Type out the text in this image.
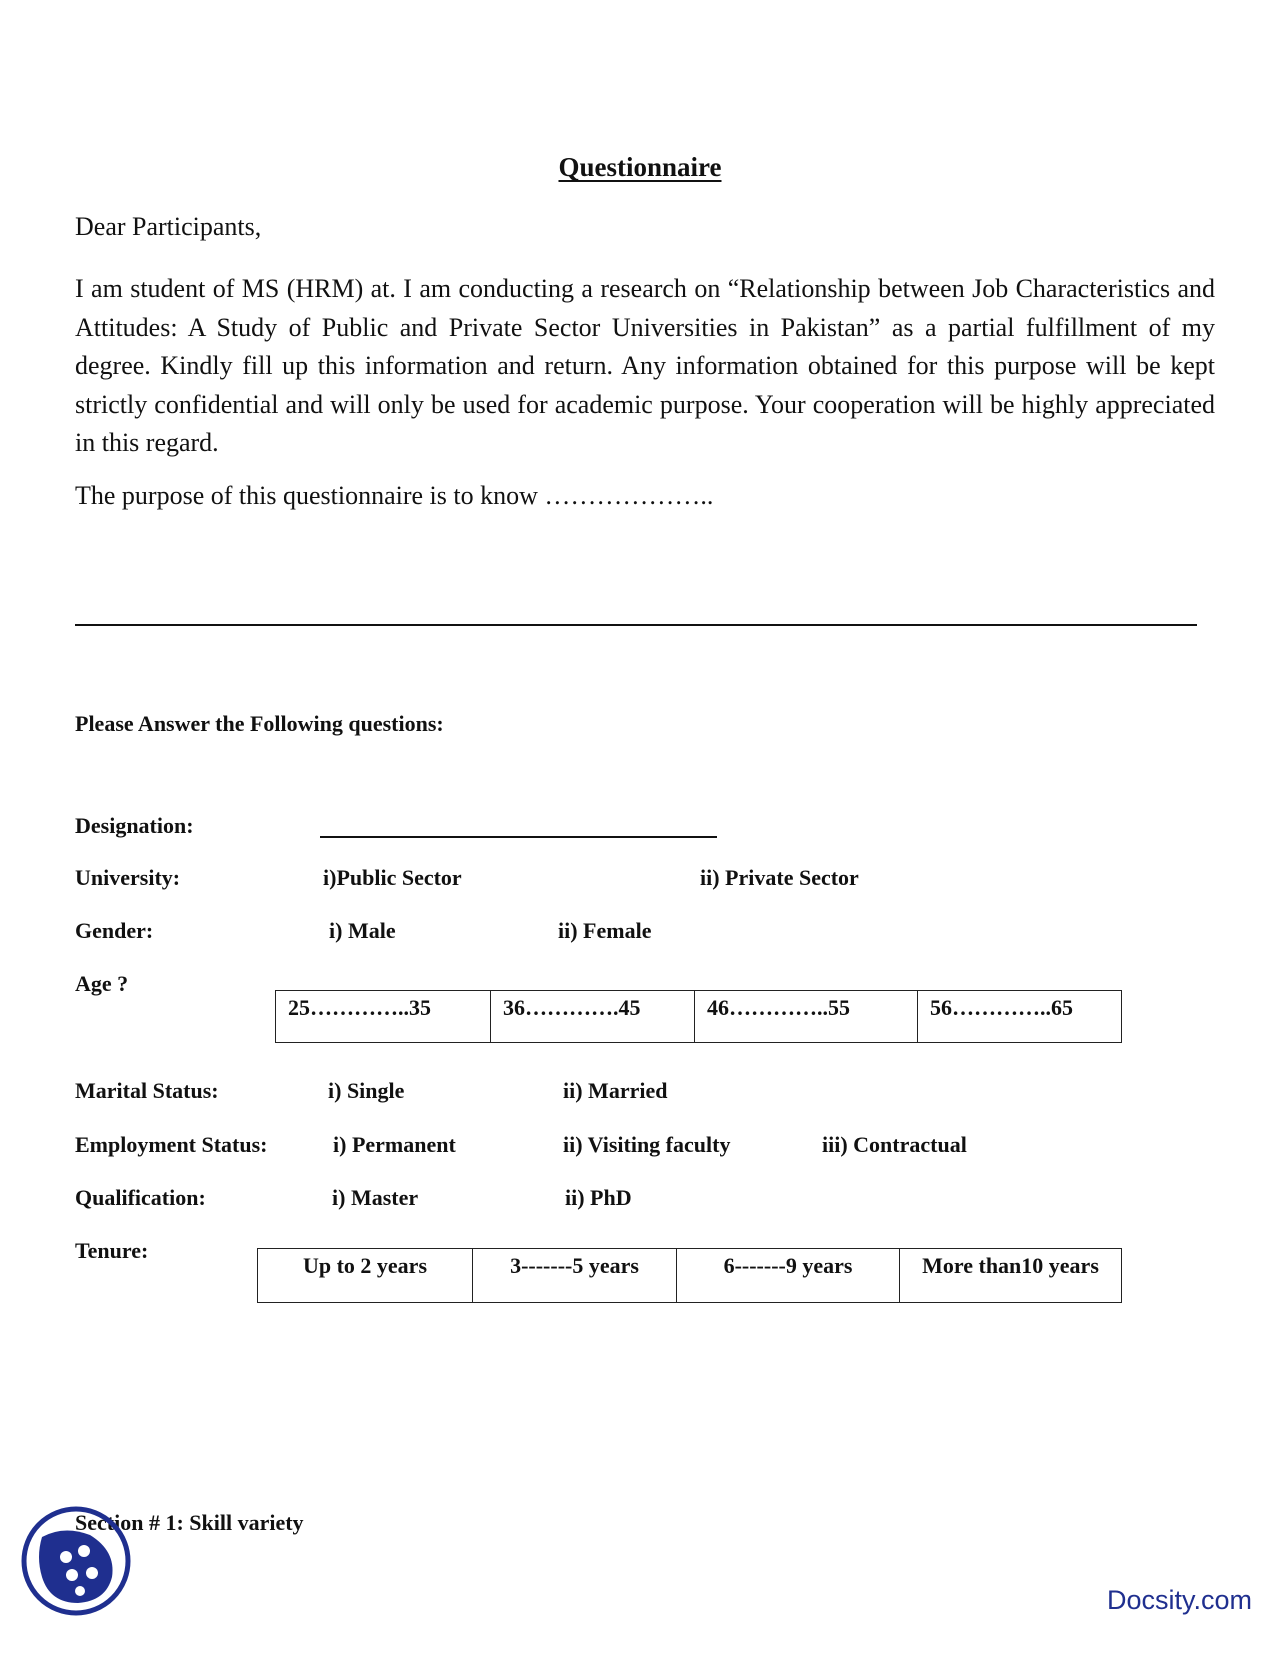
Questionnaire
Dear Participants,

I am student of MS (HRM) at. I am conducting a research on “Relationship between Job Characteristics and Attitudes: A Study of Public and Private Sector Universities in Pakistan” as a partial fulfillment of my degree. Kindly fill up this information and return. Any information obtained for this purpose will be kept strictly confidential and will only be used for academic purpose. Your cooperation will be highly appreciated in this regard.

The purpose of this questionnaire is to know ………………..
Please Answer the Following questions:
Designation:
University:	i)Public Sector	ii) Private Sector
Gender:	i) Male	ii) Female
Age ?
25…………..35	36………….45	46…………..55	56…………..65
Marital Status:	i) Single	ii) Married
Employment Status:	i) Permanent	ii) Visiting faculty	iii) Contractual
Qualification:	i) Master	ii) PhD
Tenure:
Up to 2 years	3-------5 years	6-------9 years	More than10 years
Section # 1: Skill variety
Docsity.com
